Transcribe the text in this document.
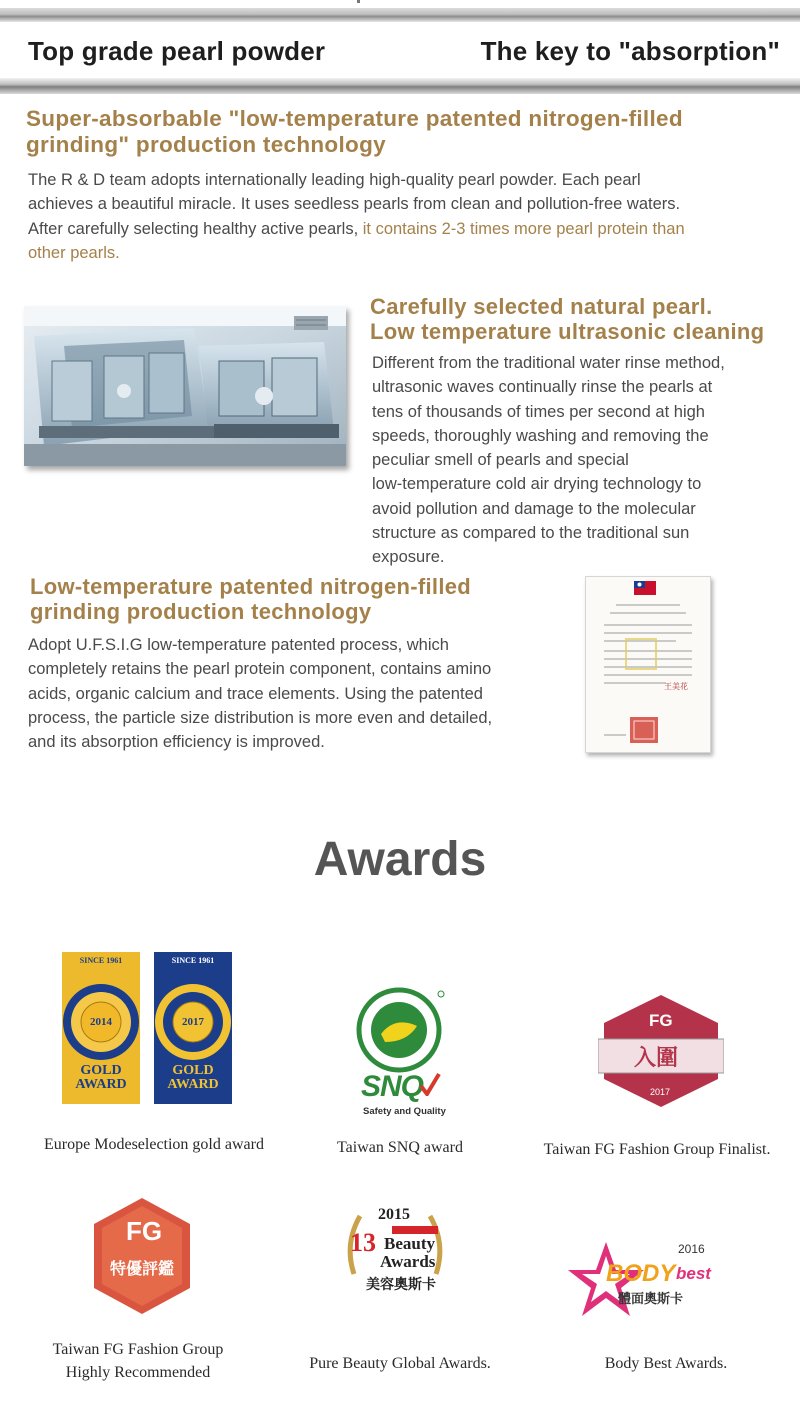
Top grade pearl powder	The key to "absorption"
Super-absorbable "low-temperature patented nitrogen-filled
grinding" production technology
The R & D team adopts internationally leading high-quality pearl powder. Each pearl
achieves a beautiful miracle. It uses seedless pearls from clean and pollution-free waters.
After carefully selecting healthy active pearls, it contains 2-3 times more pearl protein than
other pearls.
Carefully selected natural pearl.
Low temperature ultrasonic cleaning
Different from the traditional water rinse method,
ultrasonic waves continually rinse the pearls at
tens of thousands of times per second at high
speeds, thoroughly washing and removing the
peculiar smell of pearls and special
low-temperature cold air drying technology to
avoid pollution and damage to the molecular
structure as compared to the traditional sun
exposure.
Low-temperature patented nitrogen-filled
grinding production technology
Adopt U.F.S.I.G low-temperature patented process, which
completely retains the pearl protein component, contains amino
acids, organic calcium and trace elements. Using the patented
process, the particle size distribution is more even and detailed,
and its absorption efficiency is improved.
王美花
Awards
SINCE 1961
2014
GOLD
AWARD
SINCE 1961
2017
GOLD
AWARD
Europe Modeselection gold award
SNQ
Safety and Quality
Taiwan SNQ award
FG
入圍
2017
Taiwan FG Fashion Group Finalist.
FG
特優評鑑
Taiwan FG Fashion Group
Highly Recommended
2015
13 Beauty
Awards
美容奧斯卡
Pure Beauty Global Awards.
BODY best
2016
體面奧斯卡
Body Best Awards.
